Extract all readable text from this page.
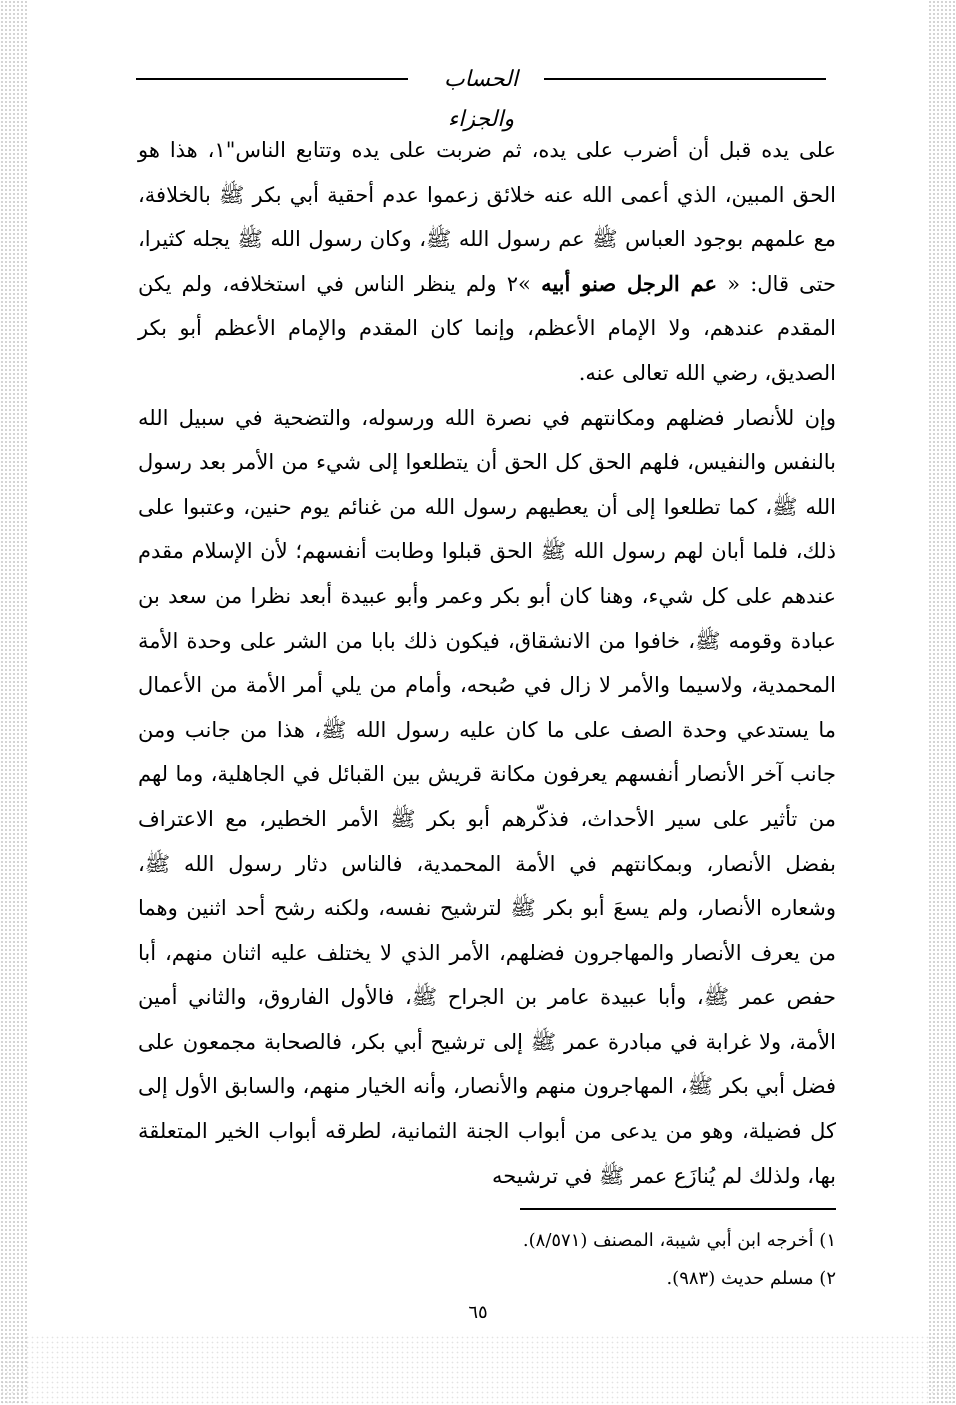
الحساب والجزاء

على يده قبل أن أضرب على يده، ثم ضربت على يده وتتابع الناس"١، هذا هو الحق المبين، الذي أعمى الله عنه خلائق زعموا عدم أحقية أبي بكر ﷺ بالخلافة، مع علمهم بوجود العباس ﷺ عم رسول الله ﷺ، وكان رسول الله ﷺ يجله كثيرا، حتى قال: « عم الرجل صنو أبيه »٢ ولم ينظر الناس في استخلافه، ولم يكن المقدم عندهم، ولا الإمام الأعظم، وإنما كان المقدم والإمام الأعظم أبو بكر الصديق، رضي الله تعالى عنه.

وإن للأنصار فضلهم ومكانتهم في نصرة الله ورسوله، والتضحية في سبيل الله بالنفس والنفيس، فلهم الحق كل الحق أن يتطلعوا إلى شيء من الأمر بعد رسول الله ﷺ، كما تطلعوا إلى أن يعطيهم رسول الله من غنائم يوم حنين، وعتبوا على ذلك، فلما أبان لهم رسول الله ﷺ الحق قبلوا وطابت أنفسهم؛ لأن الإسلام مقدم عندهم على كل شيء، وهنا كان أبو بكر وعمر وأبو عبيدة أبعد نظرا من سعد بن عبادة وقومه ﷺ، خافوا من الانشقاق، فيكون ذلك بابا من الشر على وحدة الأمة المحمدية، ولاسيما والأمر لا زال في صُبحه، وأمام من يلي أمر الأمة من الأعمال ما يستدعي وحدة الصف على ما كان عليه رسول الله ﷺ، هذا من جانب ومن جانب آخر الأنصار أنفسهم يعرفون مكانة قريش بين القبائل في الجاهلية، وما لهم من تأثير على سير الأحداث، فذكّرهم أبو بكر ﷺ الأمر الخطير، مع الاعتراف بفضل الأنصار، وبمكانتهم في الأمة المحمدية، فالناس دثار رسول الله ﷺ، وشعاره الأنصار، ولم يسعَ أبو بكر ﷺ لترشيح نفسه، ولكنه رشح أحد اثنين وهما من يعرف الأنصار والمهاجرون فضلهم، الأمر الذي لا يختلف عليه اثنان منهم، أبا حفص عمر ﷺ، وأبا عبيدة عامر بن الجراح ﷺ، فالأول الفاروق، والثاني أمين الأمة، ولا غرابة في مبادرة عمر ﷺ إلى ترشيح أبي بكر، فالصحابة مجمعون على فضل أبي بكر ﷺ، المهاجرون منهم والأنصار، وأنه الخيار منهم، والسابق الأول إلى كل فضيلة، وهو من يدعى من أبواب الجنة الثمانية، لطرقه أبواب الخير المتعلقة بها، ولذلك لم يُنازَع عمر ﷺ في ترشيحه

١) أخرجه ابن أبي شيبة، المصنف (٨/٥٧١).

٢) مسلم حديث (٩٨٣).

٦٥
